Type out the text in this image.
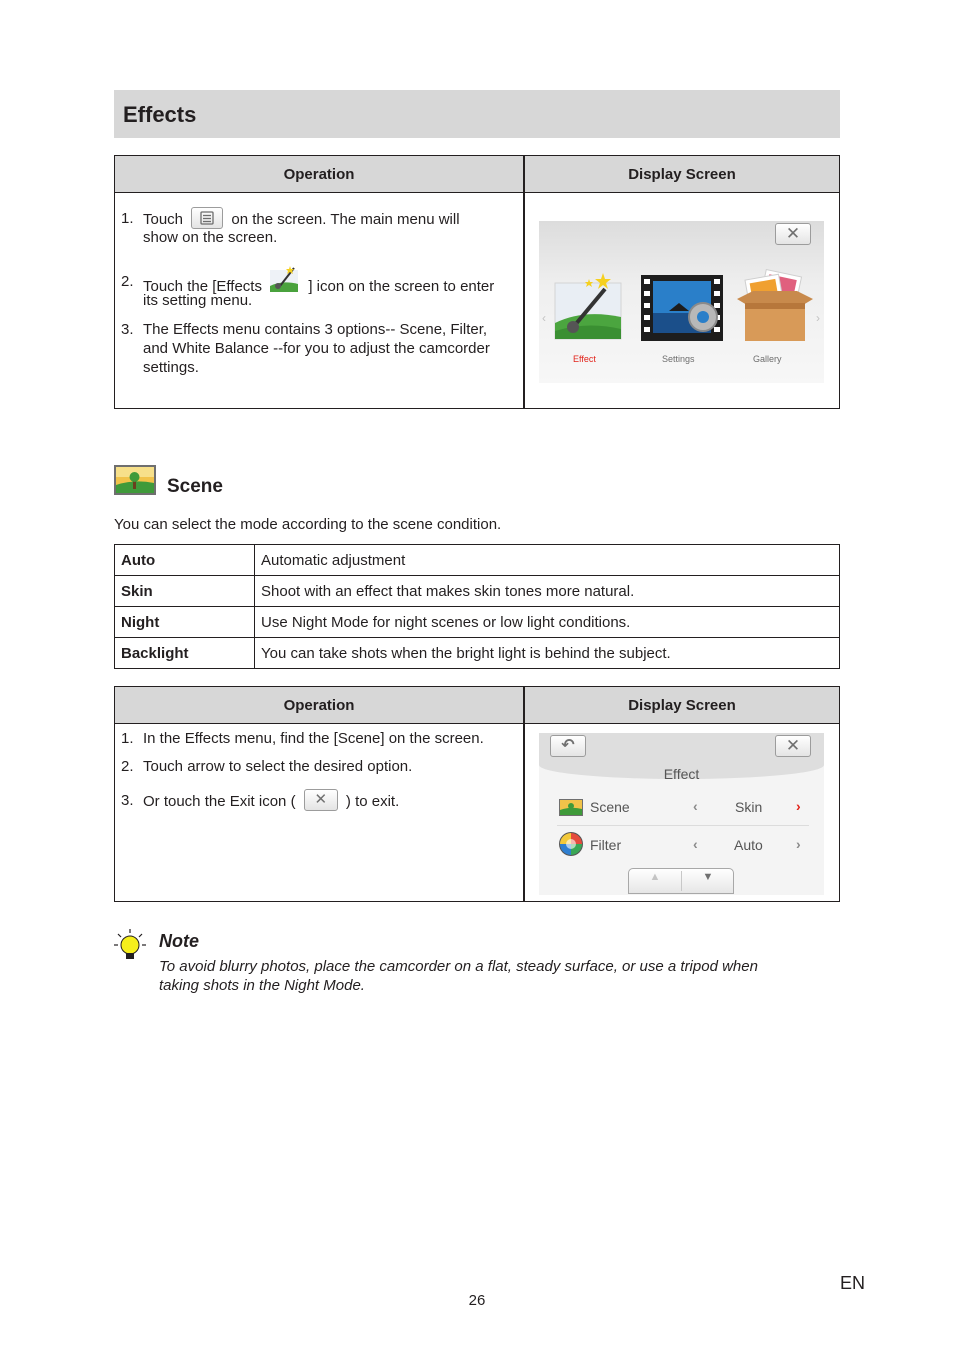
Effects
Operation	Display Screen
1. Touch	on the screen. The main menu will
show on the screen.
2. Touch the [Effects	] icon on the screen to enter
its setting menu.
3. The Effects menu contains 3 options-- Scene, Filter,
and White Balance --for you to adjust the camcorder
settings.
✕
‹	›
Effect	Settings	Gallery
Scene
You can select the mode according to the scene condition.
Auto	Automatic adjustment
Skin	Shoot with an effect that makes skin tones more natural.
Night	Use Night Mode for night scenes or low light conditions.
Backlight	You can take shots when the bright light is behind the subject.
Operation	Display Screen
1. In the Effects menu, find the [Scene] on the screen.
2. Touch arrow to select the desired option.
3. Or touch the Exit icon ( ✕ ) to exit.
↶	✕
Effect
Scene	‹	Skin ›
Filter	‹	Auto ›
▲	▼
Note
To avoid blurry photos, place the camcorder on a flat, steady surface, or use a tripod when
taking shots in the Night Mode.
EN
26
